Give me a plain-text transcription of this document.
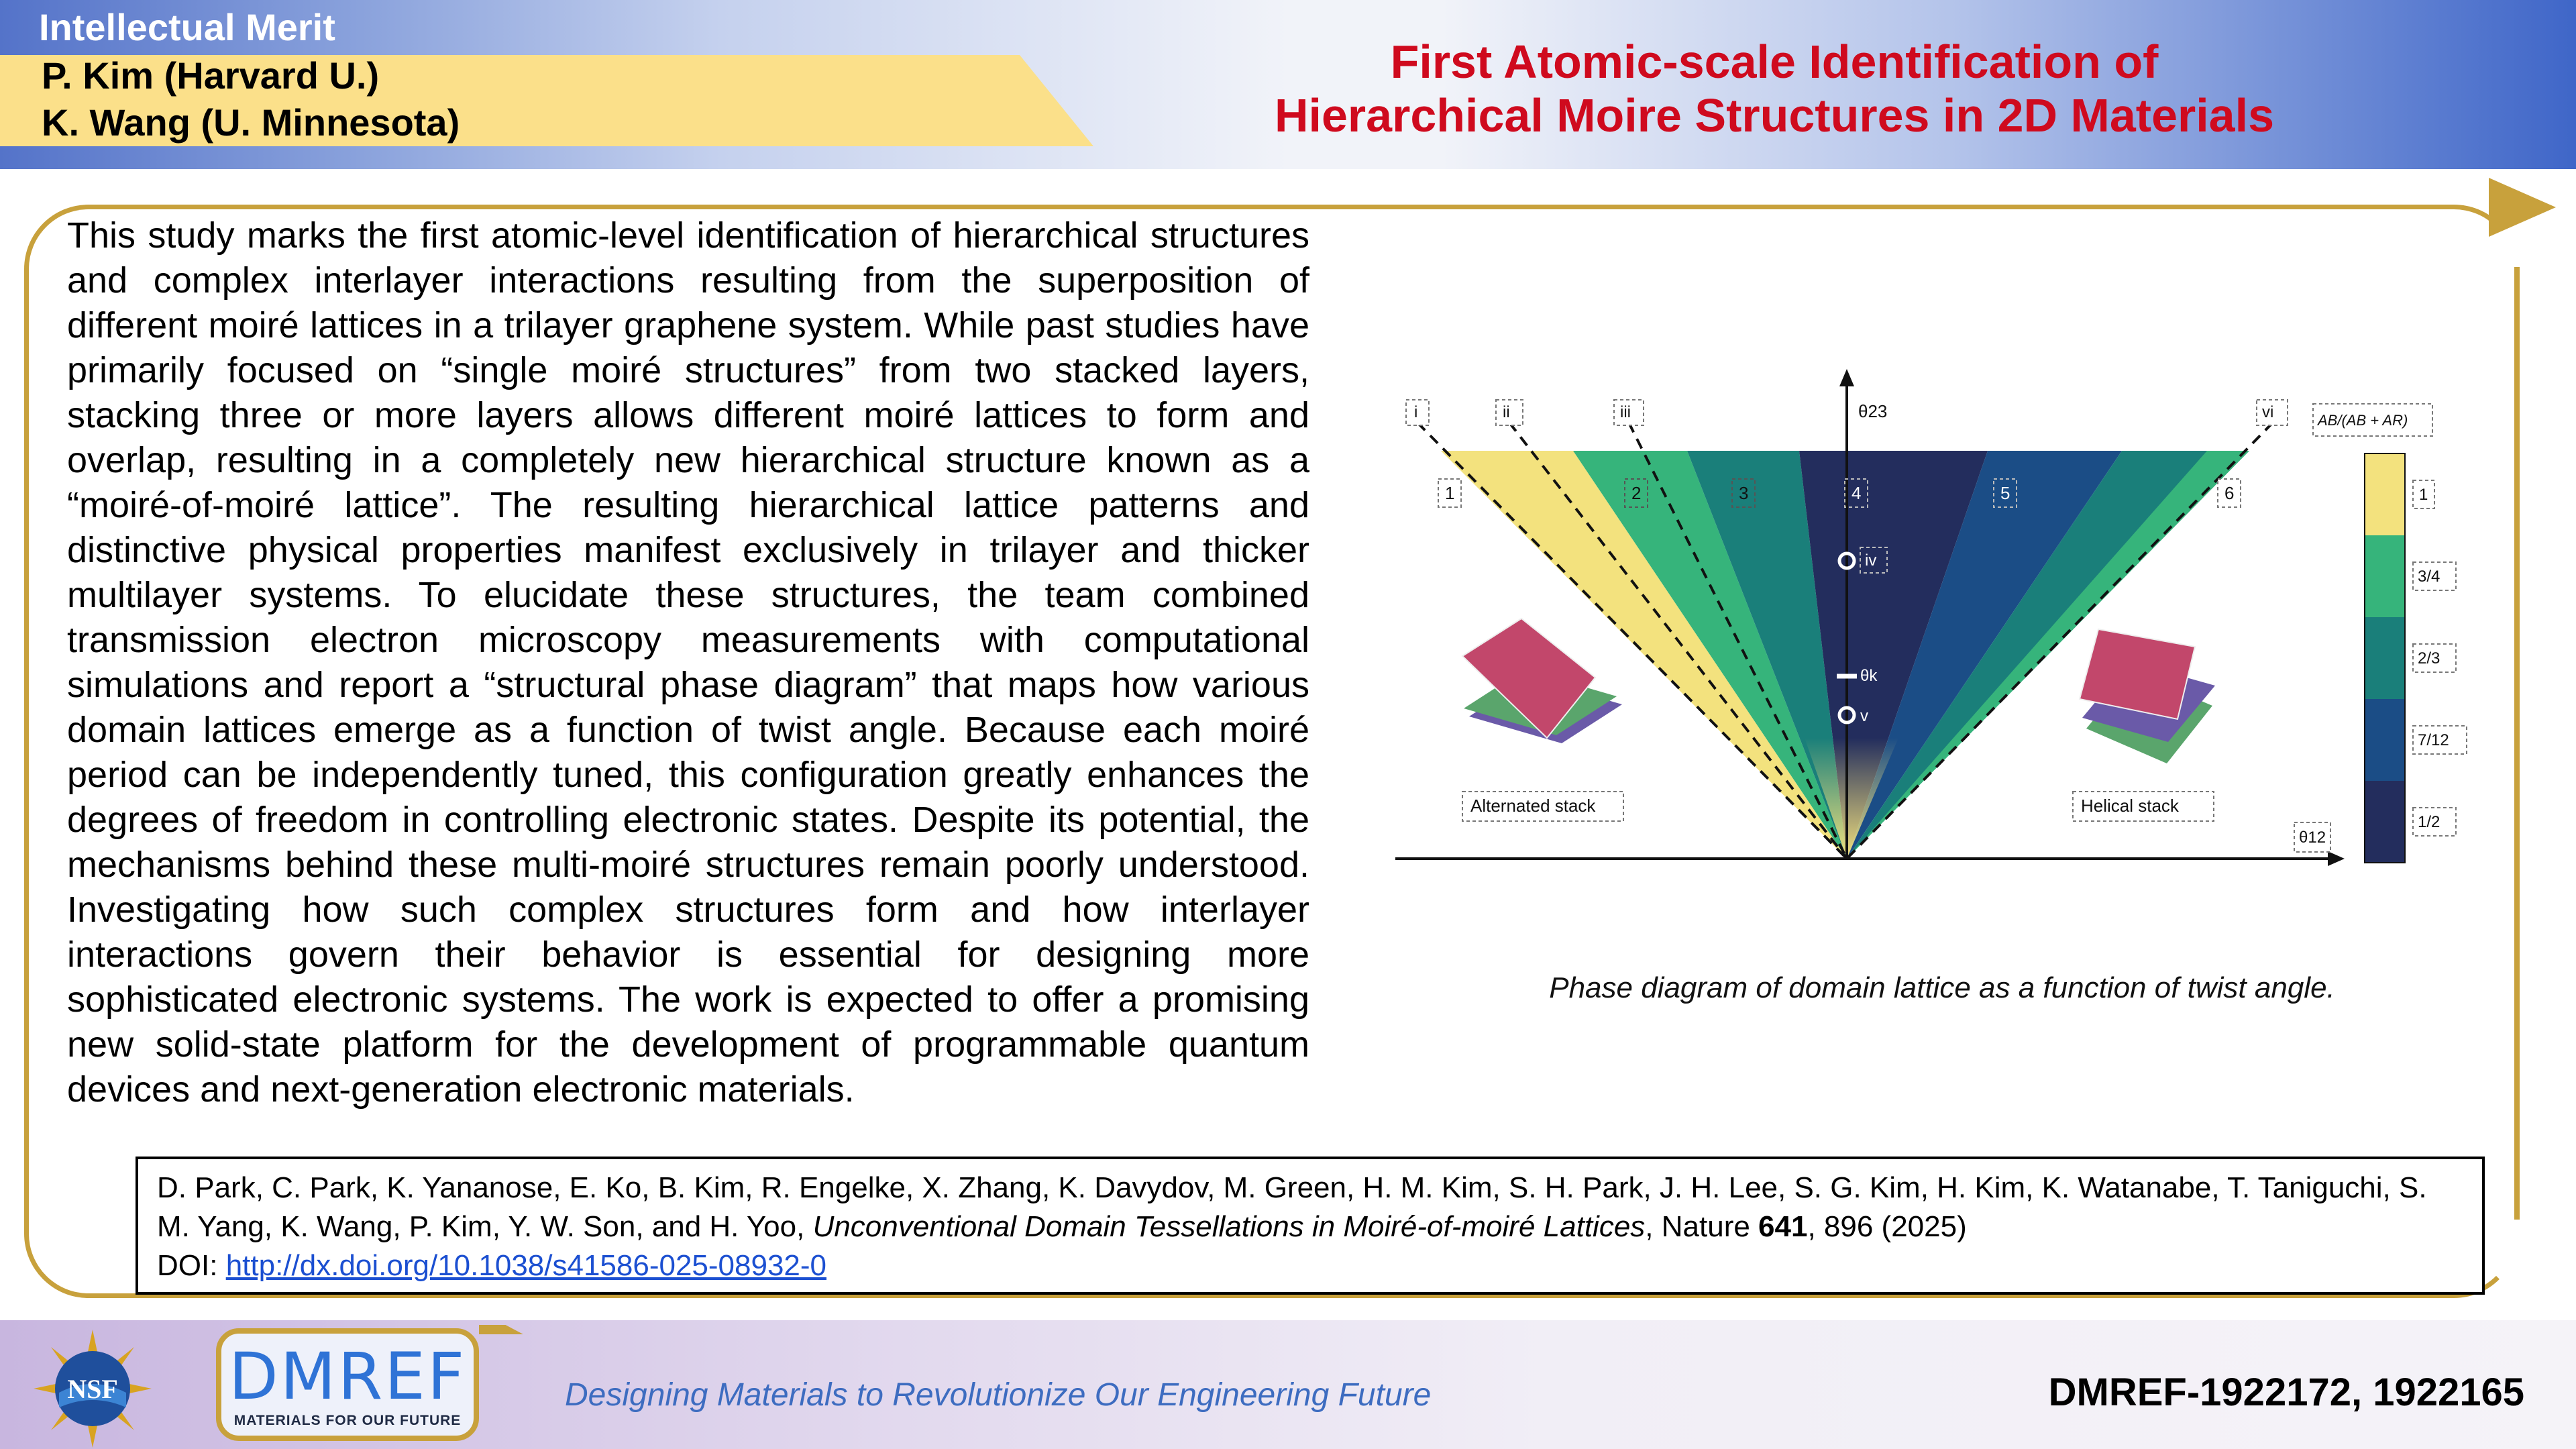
Intellectual Merit
P. Kim (Harvard U.)
K. Wang (U. Minnesota)
First Atomic-scale Identification of
Hierarchical Moire Structures in 2D Materials
This study marks the first atomic-level identification of hierarchical structures and complex interlayer interactions resulting from the superposition of different moiré lattices in a trilayer graphene system. While past studies have primarily focused on “single moiré structures” from two stacked layers, stacking three or more layers allows different moiré lattices to form and overlap, resulting in a completely new hierarchical structure known as a “moiré-of-moiré lattice”. The resulting hierarchical lattice patterns and distinctive physical properties manifest exclusively in trilayer and thicker multilayer systems. To elucidate these structures, the team combined transmission electron microscopy measurements with computational simulations and report a “structural phase diagram” that maps how various domain lattices emerge as a function of twist angle. Because each moiré period can be independently tuned, this configuration greatly enhances the degrees of freedom in controlling electronic states. Despite its potential, the mechanisms behind these multi-moiré structures remain poorly understood. Investigating how such complex structures form and how interlayer interactions govern their behavior is essential for designing more sophisticated electronic systems. The work is expected to offer a promising new solid-state platform for the development of programmable quantum devices and next-generation electronic materials.
θ23
θ12
i	ii	iii	vi
1	2	3	4	5	6
iv
θk
v
Alternated stack	Helical stack
AB/(AB + AR)
1
3/4
2/3
7/12
1/2
Phase diagram of domain lattice as a function of twist angle.
D. Park, C. Park, K. Yananose, E. Ko, B. Kim, R. Engelke, X. Zhang, K. Davydov, M. Green, H. M. Kim, S. H. Park, J. H. Lee, S. G. Kim, H. Kim, K. Watanabe, T. Taniguchi, S. M. Yang, K. Wang, P. Kim, Y. W. Son, and H. Yoo, Unconventional Domain Tessellations in Moiré-of-moiré Lattices, Nature 641, 896 (2025)
DOI: http://dx.doi.org/10.1038/s41586-025-08932-0
NSF DMREF
MATERIALS FOR OUR FUTURE
Designing Materials to Revolutionize Our Engineering Future	DMREF-1922172, 1922165
